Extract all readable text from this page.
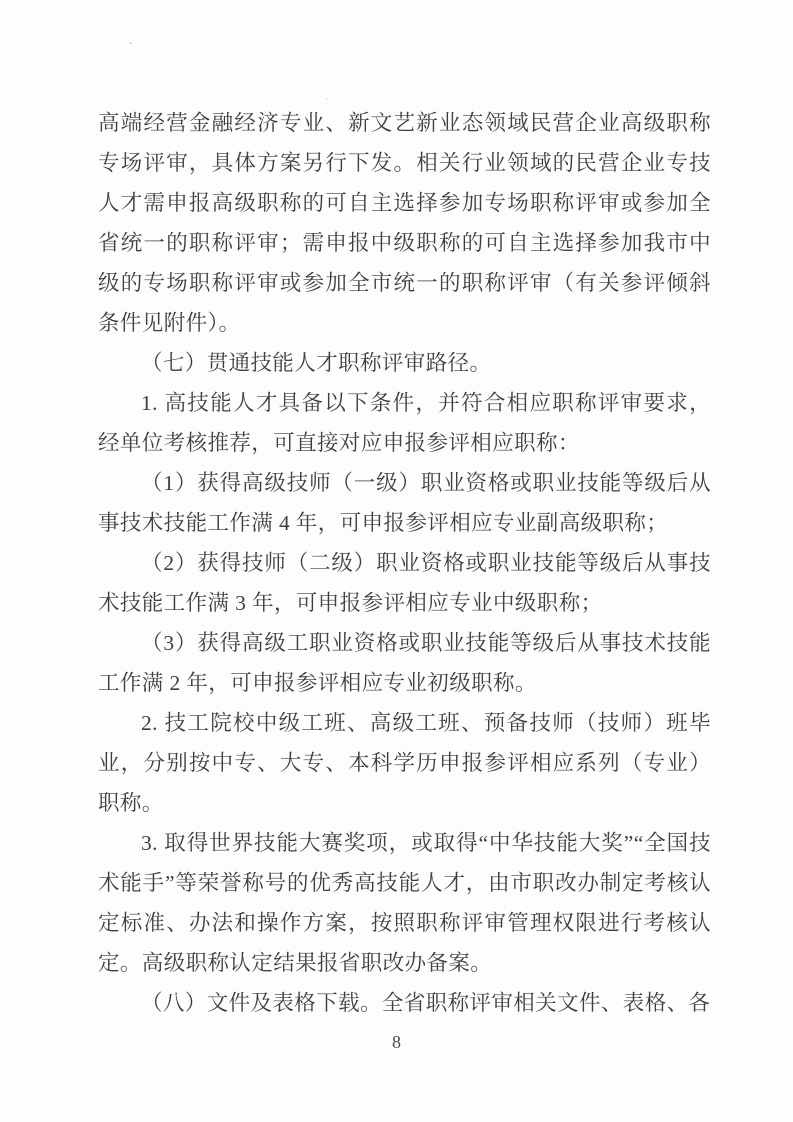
高端经营金融经济专业、新文艺新业态领域民营企业高级职称专场评审，具体方案另行下发。相关行业领域的民营企业专技人才需申报高级职称的可自主选择参加专场职称评审或参加全省统一的职称评审；需申报中级职称的可自主选择参加我市中级的专场职称评审或参加全市统一的职称评审（有关参评倾斜条件见附件）。

（七）贯通技能人才职称评审路径。

1. 高技能人才具备以下条件，并符合相应职称评审要求，经单位考核推荐，可直接对应申报参评相应职称：

（1）获得高级技师（一级）职业资格或职业技能等级后从事技术技能工作满 4 年，可申报参评相应专业副高级职称；

（2）获得技师（二级）职业资格或职业技能等级后从事技术技能工作满 3 年，可申报参评相应专业中级职称；

（3）获得高级工职业资格或职业技能等级后从事技术技能工作满 2 年，可申报参评相应专业初级职称。

2. 技工院校中级工班、高级工班、预备技师（技师）班毕业，分别按中专、大专、本科学历申报参评相应系列（专业）职称。

3. 取得世界技能大赛奖项，或取得“中华技能大奖”“全国技术能手”等荣誉称号的优秀高技能人才，由市职改办制定考核认定标准、办法和操作方案，按照职称评审管理权限进行考核认定。高级职称认定结果报省职改办备案。

（八）文件及表格下载。全省职称评审相关文件、表格、各

8
